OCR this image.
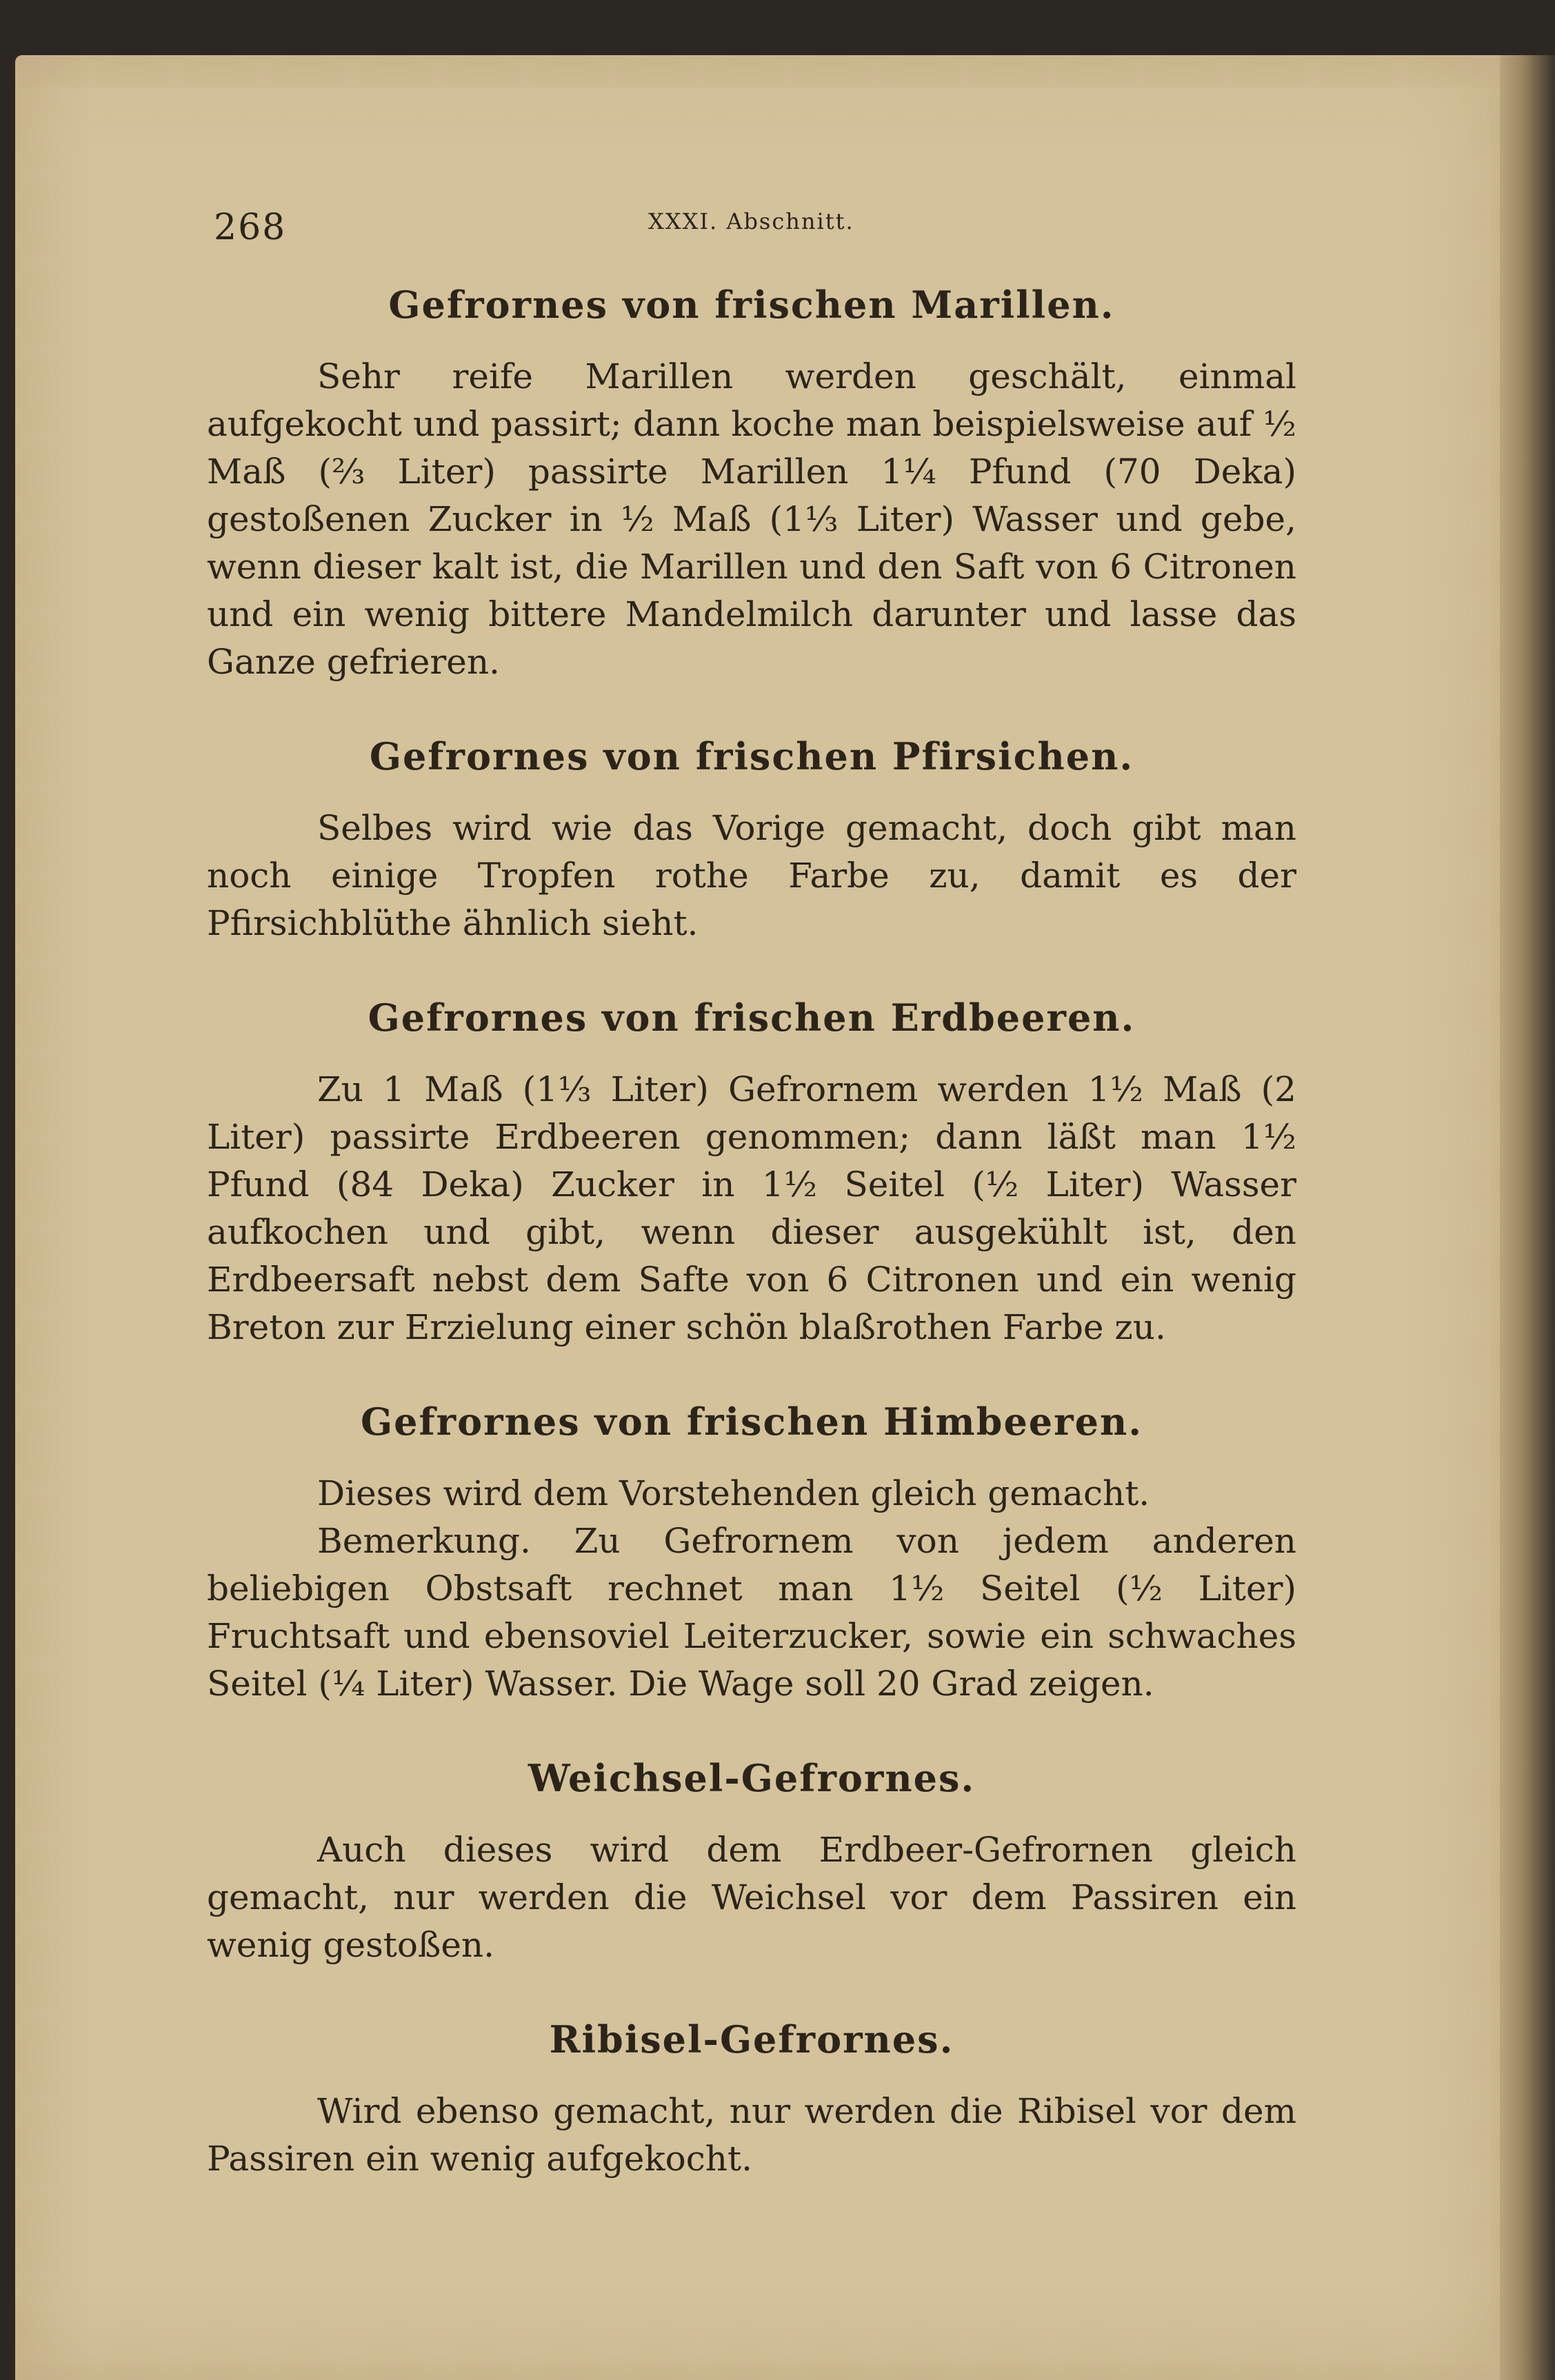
268	XXXI. Abschnitt.
Gefrornes von frischen Marillen.

Sehr reife Marillen werden geschält, einmal aufgekocht und passirt; dann koche man beispielsweise auf ½ Maß (⅔ Liter) passirte Marillen 1¼ Pfund (70 Deka) gestoßenen Zucker in ½ Maß (1⅓ Liter) Wasser und gebe, wenn dieser kalt ist, die Marillen und den Saft von 6 Citronen und ein wenig bittere Mandelmilch darunter und lasse das Ganze gefrieren.

Gefrornes von frischen Pfirsichen.

Selbes wird wie das Vorige gemacht, doch gibt man noch einige Tropfen rothe Farbe zu, damit es der Pfirsichblüthe ähnlich sieht.

Gefrornes von frischen Erdbeeren.

Zu 1 Maß (1⅓ Liter) Gefrornem werden 1½ Maß (2 Liter) passirte Erdbeeren genommen; dann läßt man 1½ Pfund (84 Deka) Zucker in 1½ Seitel (½ Liter) Wasser aufkochen und gibt, wenn dieser ausgekühlt ist, den Erdbeersaft nebst dem Safte von 6 Citronen und ein wenig Breton zur Erzielung einer schön blaßrothen Farbe zu.

Gefrornes von frischen Himbeeren.

Dieses wird dem Vorstehenden gleich gemacht.

Bemerkung. Zu Gefrornem von jedem anderen beliebigen Obstsaft rechnet man 1½ Seitel (½ Liter) Fruchtsaft und ebensoviel Leiterzucker, sowie ein schwaches Seitel (¼ Liter) Wasser. Die Wage soll 20 Grad zeigen.

Weichsel-Gefrornes.

Auch dieses wird dem Erdbeer-Gefrornen gleich gemacht, nur werden die Weichsel vor dem Passiren ein wenig gestoßen.

Ribisel-Gefrornes.

Wird ebenso gemacht, nur werden die Ribisel vor dem Passiren ein wenig aufgekocht.
